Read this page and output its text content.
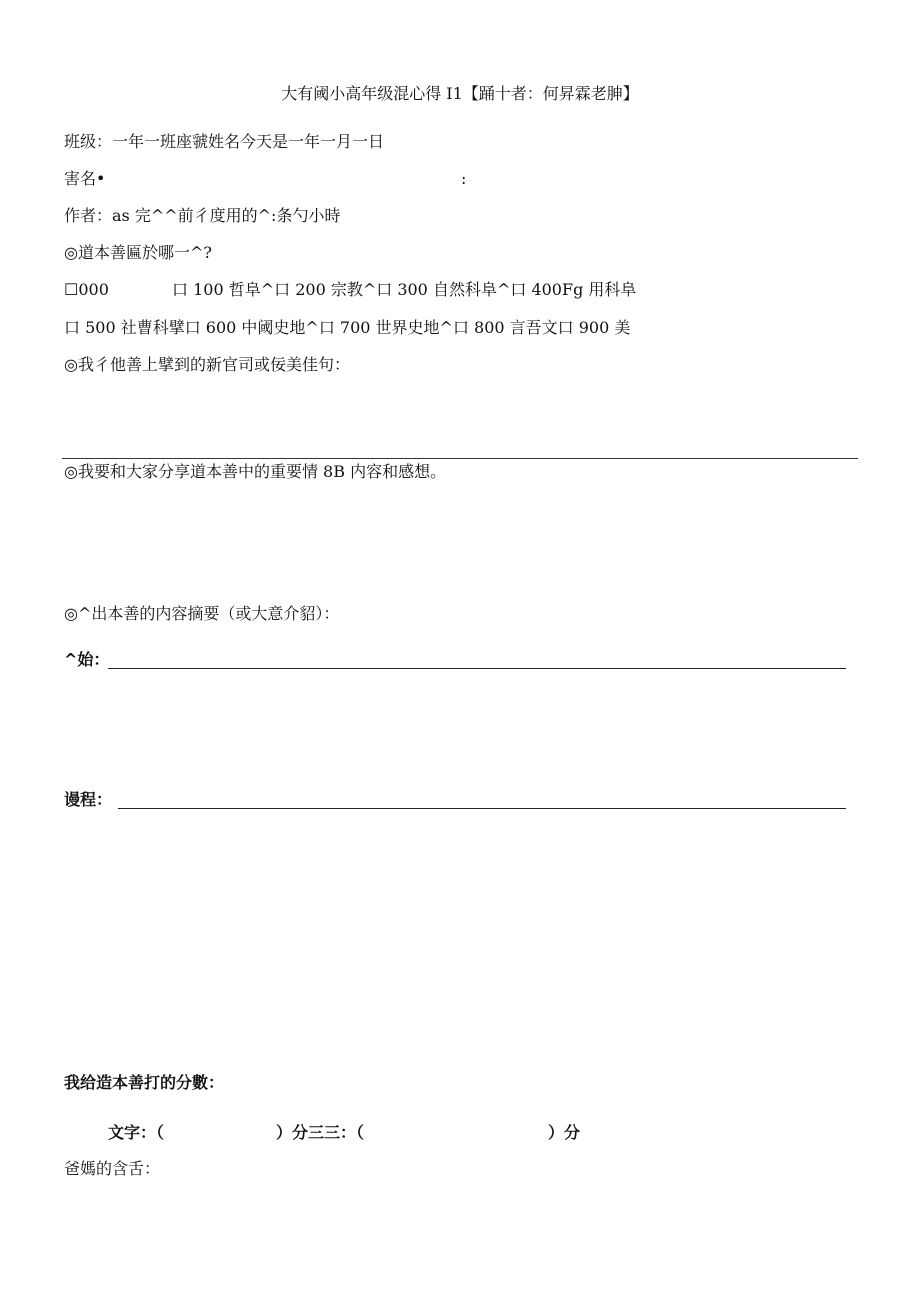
大有阈小高年级混心得 I1【踊十者：何昇霖老胂】
班级：一年一班座虢姓名今天是一年一月一日
害名•	:
作者：as 完^^前彳度用的^:条勺小時
◎道本善匾於哪一^?
☐000	口 100 哲阜^口 200 宗教^口 300 自然科阜^口 400Fg 用科阜
口 500 社曹科擘口 600 中阈史地^口 700 世界史地^口 800 言吾文口 900 美
◎我彳他善上擘到的新官司或佞美佳句：
◎我要和大家分享道本善中的重要情 8B 内容和感想。
◎^出本善的内容摘要（或大意介貂）：
^始：
谩程：
我给造本善打的分數：
文字：（	）分三三：（	）分
爸媽的含舌：
